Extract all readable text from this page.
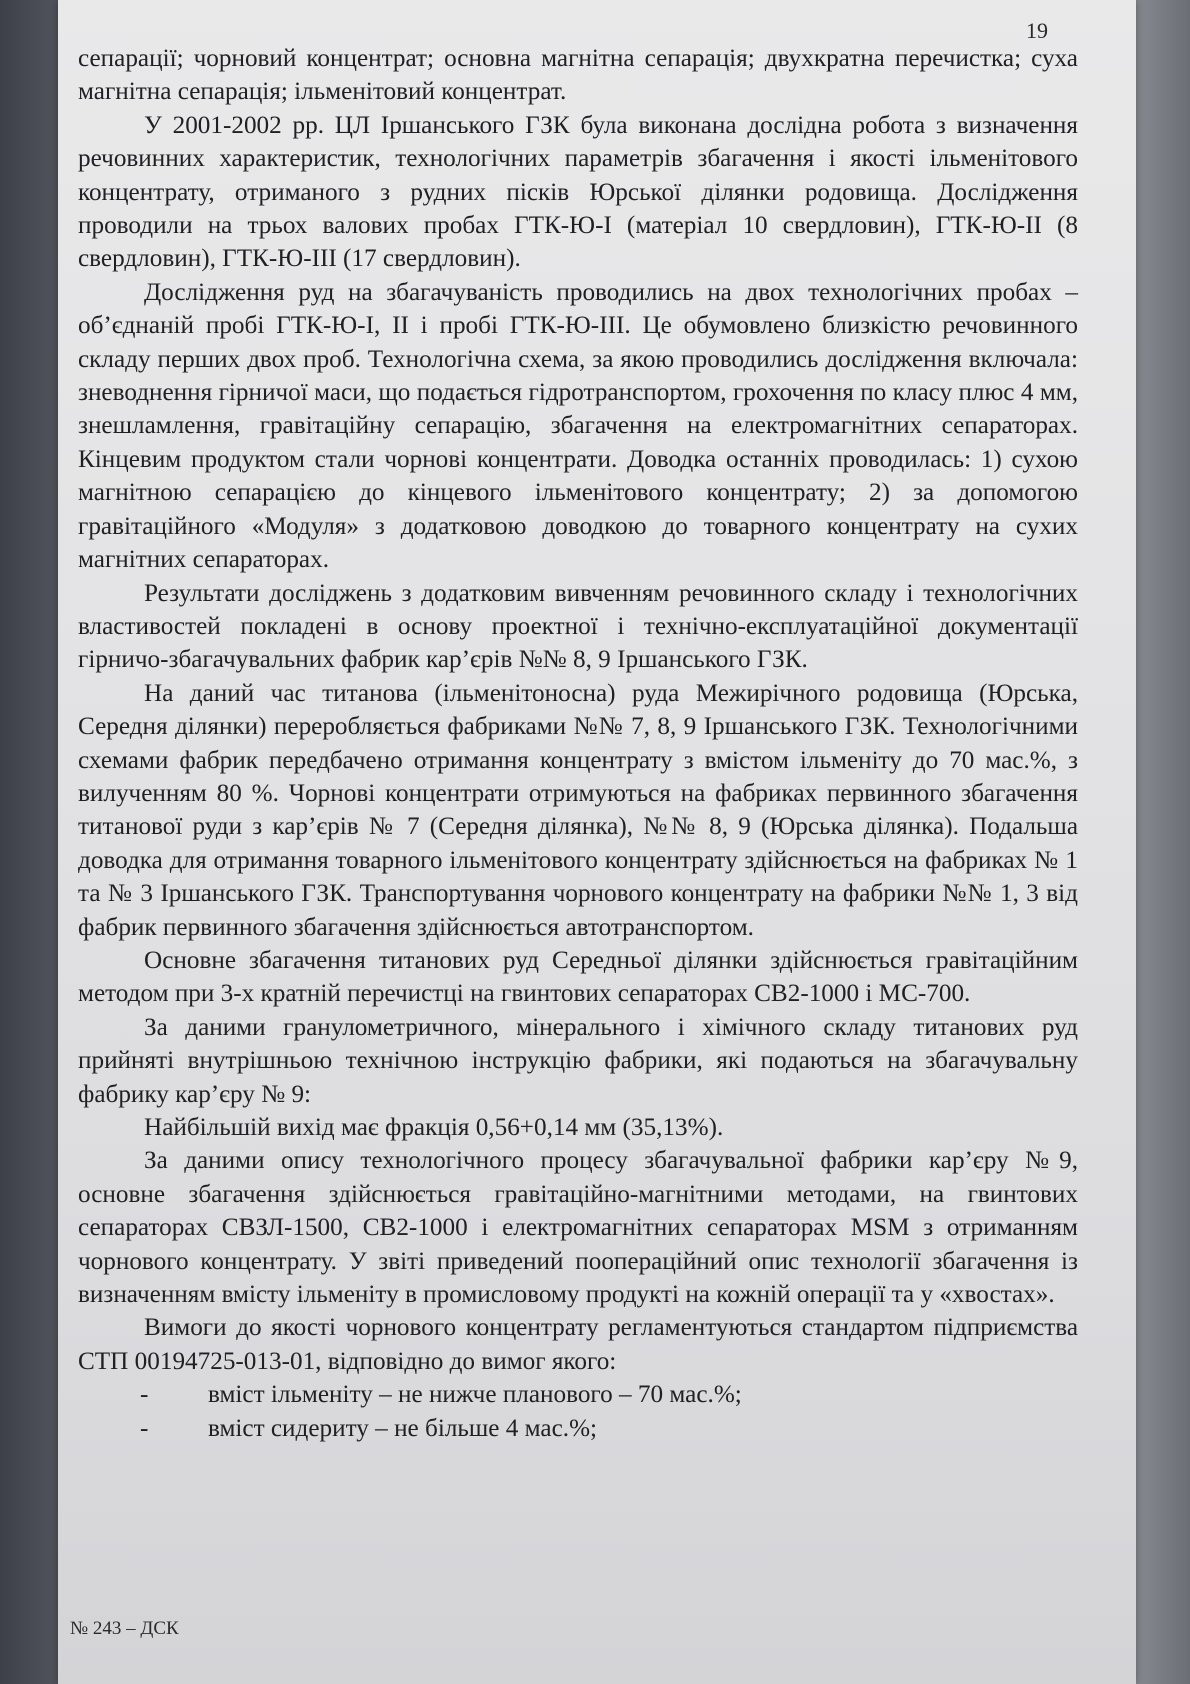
19

сепарації; чорновий концентрат; основна магнітна сепарація; двухкратна перечистка; суха магнітна сепарація; ільменітовий концентрат.

У 2001-2002 рр. ЦЛ Іршанського ГЗК була виконана дослідна робота з визначення речовинних характеристик, технологічних параметрів збагачення і якості ільменітового концентрату, отриманого з рудних пісків Юрської ділянки родовища. Дослідження проводили на трьох валових пробах ГТК-Ю-І (матеріал 10 свердловин), ГТК-Ю-ІІ (8 свердловин), ГТК-Ю-ІІІ (17 свердловин).

Дослідження руд на збагачуваність проводились на двох технологічних пробах – об’єднаній пробі ГТК-Ю-І, ІІ і пробі ГТК-Ю-ІІІ. Це обумовлено близкістю речовинного складу перших двох проб. Технологічна схема, за якою проводились дослідження включала: зневоднення гірничої маси, що подається гідротранспортом, грохочення по класу плюс 4 мм, знешламлення, гравітаційну сепарацію, збагачення на електромагнітних сепараторах. Кінцевим продуктом стали чорнові концентрати. Доводка останніх проводилась: 1) сухою магнітною сепарацією до кінцевого ільменітового концентрату; 2) за допомогою гравітаційного «Модуля» з додатковою доводкою до товарного концентрату на сухих магнітних сепараторах.

Результати досліджень з додатковим вивченням речовинного складу і технологічних властивостей покладені в основу проектної і технічно-експлуатаційної документації гірничо-збагачувальних фабрик кар’єрів №№ 8, 9 Іршанського ГЗК.

На даний час титанова (ільменітоносна) руда Межирічного родовища (Юрська, Середня ділянки) переробляється фабриками №№ 7, 8, 9 Іршанського ГЗК. Технологічними схемами фабрик передбачено отримання концентрату з вмістом ільменіту до 70 мас.%, з вилученням 80 %. Чорнові концентрати отримуються на фабриках первинного збагачення титанової руди з кар’єрів № 7 (Середня ділянка), №№ 8, 9 (Юрська ділянка). Подальша доводка для отримання товарного ільменітового концентрату здійснюється на фабриках № 1 та № 3 Іршанського ГЗК. Транспортування чорнового концентрату на фабрики №№ 1, 3 від фабрик первинного збагачення здійснюється автотранспортом.

Основне збагачення титанових руд Середньої ділянки здійснюється гравітаційним методом при 3-х кратній перечистці на гвинтових сепараторах СВ2-1000 і МС-700.

За даними гранулометричного, мінерального і хімічного складу титанових руд прийняті внутрішньою технічною інструкцію фабрики, які подаються на збагачувальну фабрику кар’єру № 9:

Найбільшій вихід має фракція 0,56+0,14 мм (35,13%).

За даними опису технологічного процесу збагачувальної фабрики кар’єру №9, основне збагачення здійснюється гравітаційно-магнітними методами, на гвинтових сепараторах СВЗЛ-1500, СВ2-1000 і електромагнітних сепараторах MSM з отриманням чорнового концентрату. У звіті приведений поопераційний опис технології збагачення із визначенням вмісту ільменіту в промисловому продукті на кожній операції та у «хвостах».

Вимоги до якості чорнового концентрату регламентуються стандартом підприємства СТП 00194725-013-01, відповідно до вимог якого:

- вміст ільменіту – не нижче планового – 70 мас.%;
- вміст сидериту – не більше 4 мас.%;
№ 243 – ДСК
